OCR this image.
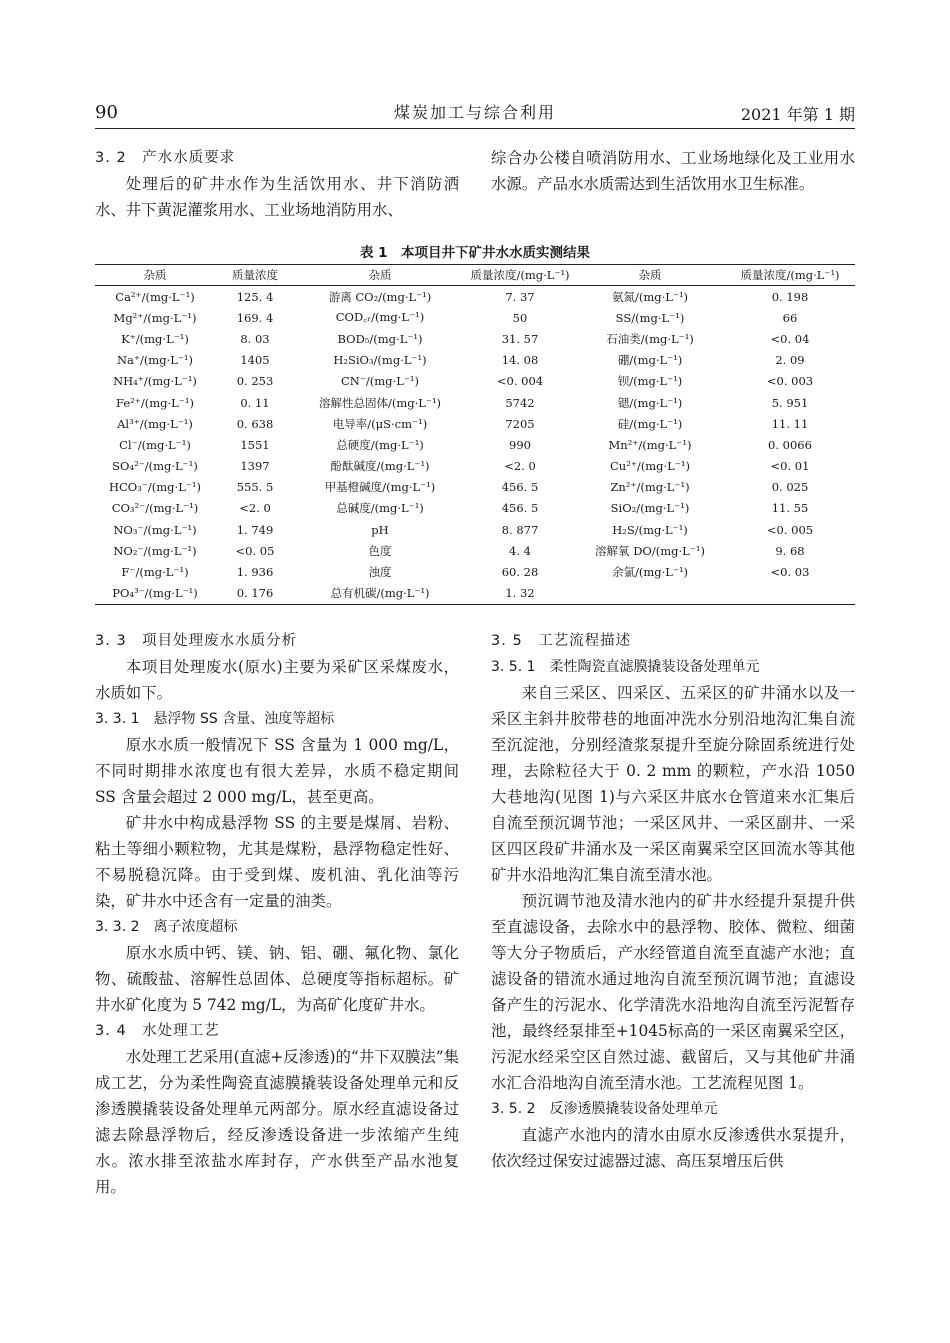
90	煤炭加工与综合利用	2021 年第 1 期
3. 2　产水水质要求

处理后的矿井水作为生活饮用水、井下消防洒水、井下黄泥灌浆用水、工业场地消防用水、

综合办公楼自喷消防用水、工业场地绿化及工业用水水源。产品水水质需达到生活饮用水卫生标准。

表 1　本项目井下矿井水水质实测结果
杂质	质量浓度	杂质	质量浓度/(mg·L⁻¹)	杂质	质量浓度/(mg·L⁻¹)
Ca²⁺/(mg·L⁻¹)	125. 4	游离 CO₂/(mg·L⁻¹)	7. 37	氨氮/(mg·L⁻¹)	0. 198
Mg²⁺/(mg·L⁻¹)	169. 4	COD꜀ᵣ/(mg·L⁻¹)	50	SS/(mg·L⁻¹)	66
K⁺/(mg·L⁻¹)	8. 03	BOD₅/(mg·L⁻¹)	31. 57	石油类/(mg·L⁻¹)	<0. 04
Na⁺/(mg·L⁻¹)	1405	H₂SiO₃/(mg·L⁻¹)	14. 08	硼/(mg·L⁻¹)	2. 09
NH₄⁺/(mg·L⁻¹)	0. 253	CN⁻/(mg·L⁻¹)	<0. 004	钡/(mg·L⁻¹)	<0. 003
Fe²⁺/(mg·L⁻¹)	0. 11	溶解性总固体/(mg·L⁻¹)	5742	锶/(mg·L⁻¹)	5. 951
Al³⁺/(mg·L⁻¹)	0. 638	电导率/(μS·cm⁻¹)	7205	硅/(mg·L⁻¹)	11. 11
Cl⁻/(mg·L⁻¹)	1551	总硬度/(mg·L⁻¹)	990	Mn²⁺/(mg·L⁻¹)	0. 0066
SO₄²⁻/(mg·L⁻¹)	1397	酚酞碱度/(mg·L⁻¹)	<2. 0	Cu²⁺/(mg·L⁻¹)	<0. 01
HCO₃⁻/(mg·L⁻¹)	555. 5	甲基橙碱度/(mg·L⁻¹)	456. 5	Zn²⁺/(mg·L⁻¹)	0. 025
CO₃²⁻/(mg·L⁻¹)	<2. 0	总碱度/(mg·L⁻¹)	456. 5	SiO₂/(mg·L⁻¹)	11. 55
NO₃⁻/(mg·L⁻¹)	1. 749	pH	8. 877	H₂S/(mg·L⁻¹)	<0. 005
NO₂⁻/(mg·L⁻¹)	<0. 05	色度	4. 4	溶解氧 DO/(mg·L⁻¹)	9. 68
F⁻/(mg·L⁻¹)	1. 936	浊度	60. 28	余氯/(mg·L⁻¹)	<0. 03
PO₄³⁻/(mg·L⁻¹)	0. 176	总有机碳/(mg·L⁻¹)	1. 32		
3. 3　项目处理废水水质分析

本项目处理废水(原水)主要为采矿区采煤废水，水质如下。

3. 3. 1　悬浮物 SS 含量、浊度等超标

原水水质一般情况下 SS 含量为 1 000 mg/L，不同时期排水浓度也有很大差异，水质不稳定期间 SS 含量会超过 2 000 mg/L，甚至更高。

矿井水中构成悬浮物 SS 的主要是煤屑、岩粉、粘土等细小颗粒物，尤其是煤粉，悬浮物稳定性好、不易脱稳沉降。由于受到煤、废机油、乳化油等污染，矿井水中还含有一定量的油类。

3. 3. 2　离子浓度超标

原水水质中钙、镁、钠、铝、硼、氟化物、氯化物、硫酸盐、溶解性总固体、总硬度等指标超标。矿井水矿化度为 5 742 mg/L，为高矿化度矿井水。

3. 4　水处理工艺

水处理工艺采用(直滤+反渗透)的“井下双膜法”集成工艺，分为柔性陶瓷直滤膜撬装设备处理单元和反渗透膜撬装设备处理单元两部分。原水经直滤设备过滤去除悬浮物后，经反渗透设备进一步浓缩产生纯水。浓水排至浓盐水库封存，产水供至产品水池复用。

3. 5　工艺流程描述
3. 5. 1　柔性陶瓷直滤膜撬装设备处理单元

来自三采区、四采区、五采区的矿井涌水以及一采区主斜井胶带巷的地面冲洗水分别沿地沟汇集自流至沉淀池，分别经渣浆泵提升至旋分除固系统进行处理，去除粒径大于 0. 2 mm 的颗粒，产水沿 1050 大巷地沟(见图 1)与六采区井底水仓管道来水汇集后自流至预沉调节池；一采区风井、一采区副井、一采区四区段矿井涌水及一采区南翼采空区回流水等其他矿井水沿地沟汇集自流至清水池。

预沉调节池及清水池内的矿井水经提升泵提升供至直滤设备，去除水中的悬浮物、胶体、微粒、细菌等大分子物质后，产水经管道自流至直滤产水池；直滤设备的错流水通过地沟自流至预沉调节池；直滤设备产生的污泥水、化学清洗水沿地沟自流至污泥暂存池，最终经泵排至+1045标高的一采区南翼采空区，污泥水经采空区自然过滤、截留后，又与其他矿井涌水汇合沿地沟自流至清水池。工艺流程见图 1。

3. 5. 2　反渗透膜撬装设备处理单元

直滤产水池内的清水由原水反渗透供水泵提升，依次经过保安过滤器过滤、高压泵增压后供
